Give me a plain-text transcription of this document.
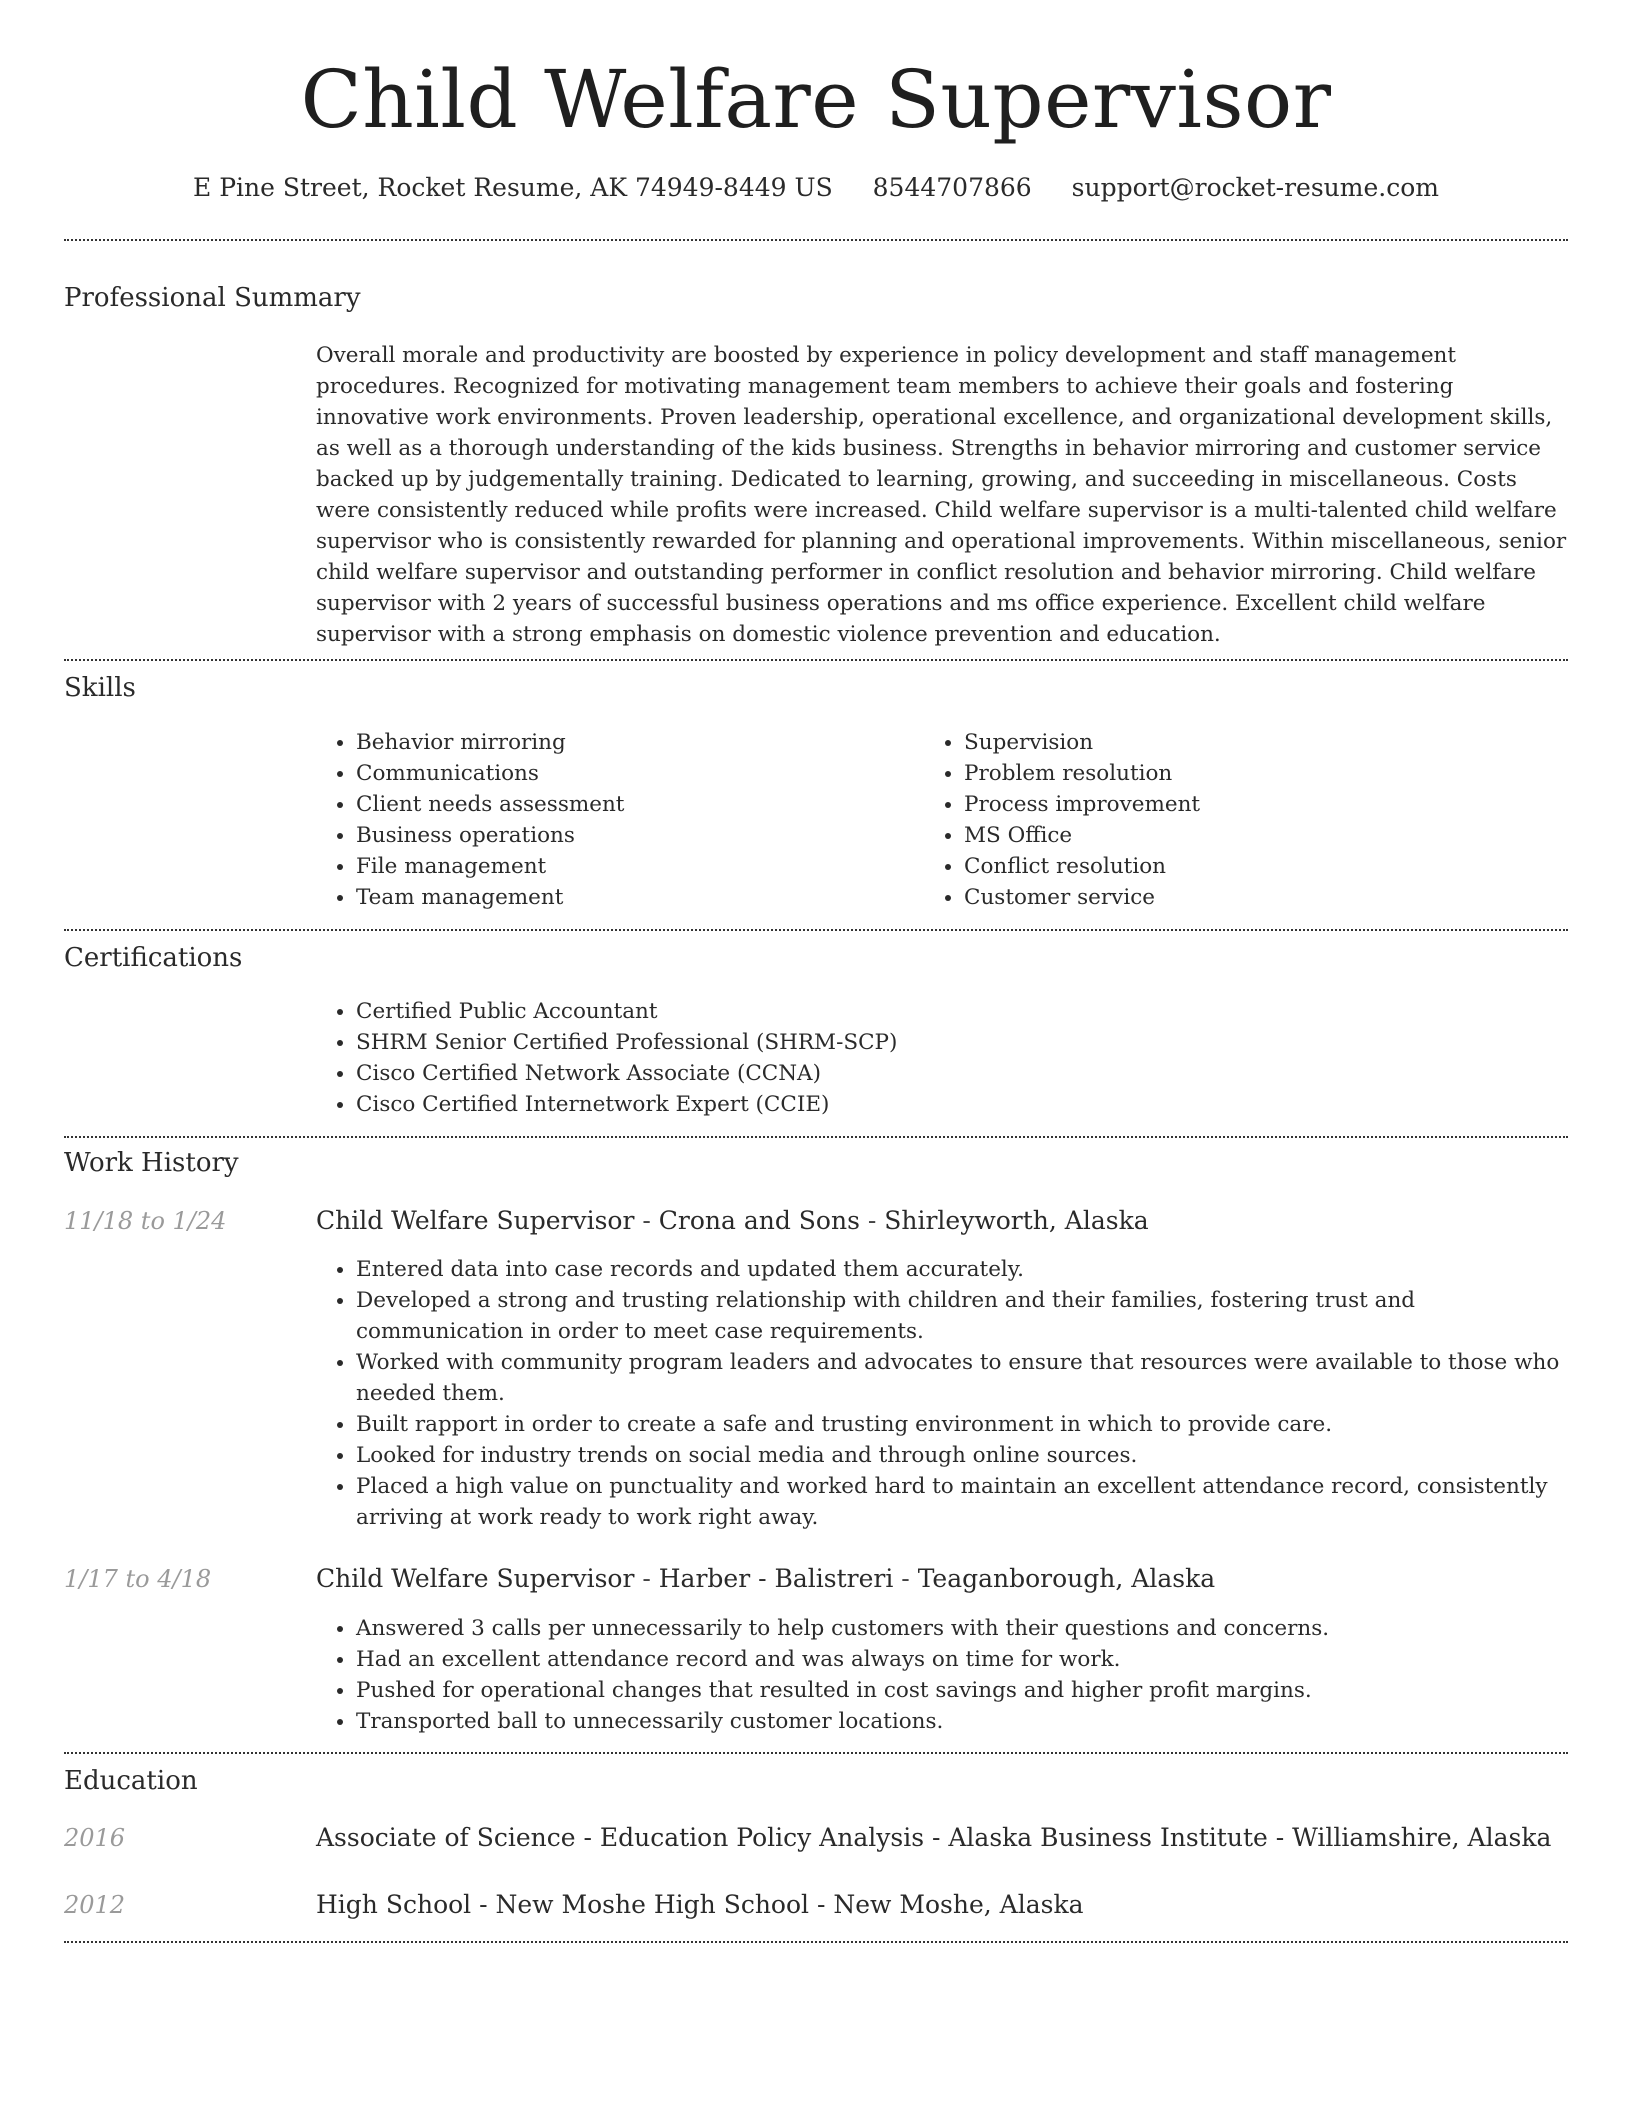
Child Welfare Supervisor
E Pine Street, Rocket Resume, AK 74949-8449 US 8544707866 support@rocket-resume.com
Professional Summary
Overall morale and productivity are boosted by experience in policy development and staff management procedures. Recognized for motivating management team members to achieve their goals and fostering innovative work environments. Proven leadership, operational excellence, and organizational development skills, as well as a thorough understanding of the kids business. Strengths in behavior mirroring and customer service backed up by judgementally training. Dedicated to learning, growing, and succeeding in miscellaneous. Costs were consistently reduced while profits were increased. Child welfare supervisor is a multi-talented child welfare supervisor who is consistently rewarded for planning and operational improvements. Within miscellaneous, senior child welfare supervisor and outstanding performer in conflict resolution and behavior mirroring. Child welfare supervisor with 2 years of successful business operations and ms office experience. Excellent child welfare supervisor with a strong emphasis on domestic violence prevention and education.
Skills
• Behavior mirroring
• Communications
• Client needs assessment
• Business operations
• File management
• Team management
• Supervision
• Problem resolution
• Process improvement
• MS Office
• Conflict resolution
• Customer service
Certifications
• Certified Public Accountant
• SHRM Senior Certified Professional (SHRM-SCP)
• Cisco Certified Network Associate (CCNA)
• Cisco Certified Internetwork Expert (CCIE)
Work History
11/18 to 1/24	Child Welfare Supervisor - Crona and Sons - Shirleyworth, Alaska
• Entered data into case records and updated them accurately.
• Developed a strong and trusting relationship with children and their families, fostering trust and communication in order to meet case requirements.
• Worked with community program leaders and advocates to ensure that resources were available to those who needed them.
• Built rapport in order to create a safe and trusting environment in which to provide care.
• Looked for industry trends on social media and through online sources.
• Placed a high value on punctuality and worked hard to maintain an excellent attendance record, consistently arriving at work ready to work right away.
1/17 to 4/18	Child Welfare Supervisor - Harber - Balistreri - Teaganborough, Alaska
• Answered 3 calls per unnecessarily to help customers with their questions and concerns.
• Had an excellent attendance record and was always on time for work.
• Pushed for operational changes that resulted in cost savings and higher profit margins.
• Transported ball to unnecessarily customer locations.
Education
2016	Associate of Science - Education Policy Analysis - Alaska Business Institute - Williamshire, Alaska
2012	High School - New Moshe High School - New Moshe, Alaska
